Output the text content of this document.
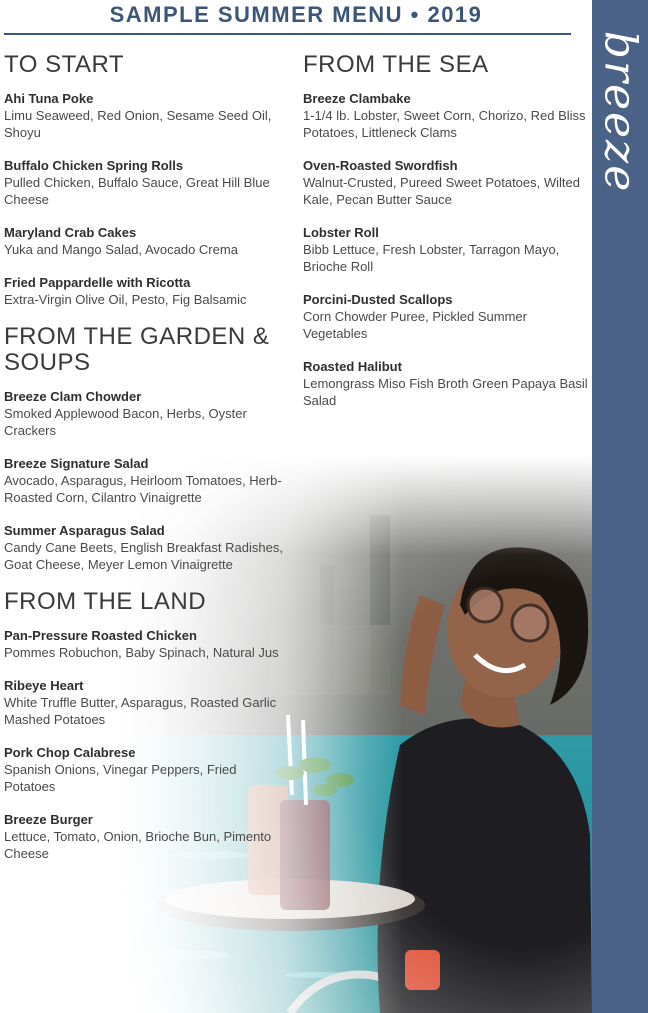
SAMPLE SUMMER MENU • 2019
breeze
TO START
Ahi Tuna Poke
Limu Seaweed, Red Onion, Sesame Seed Oil, Shoyu
Buffalo Chicken Spring Rolls
Pulled Chicken, Buffalo Sauce, Great Hill Blue Cheese
Maryland Crab Cakes
Yuka and Mango Salad, Avocado Crema
Fried Pappardelle with Ricotta
Extra-Virgin Olive Oil, Pesto, Fig Balsamic
FROM THE GARDEN & SOUPS
Breeze Clam Chowder
Smoked Applewood Bacon, Herbs, Oyster Crackers
Breeze Signature Salad
Avocado, Asparagus, Heirloom Tomatoes, Herb-Roasted Corn, Cilantro Vinaigrette
Summer Asparagus Salad
Candy Cane Beets, English Breakfast Radishes, Goat Cheese, Meyer Lemon Vinaigrette
FROM THE LAND
Pan-Pressure Roasted Chicken
Pommes Robuchon, Baby Spinach, Natural Jus
Ribeye Heart
White Truffle Butter, Asparagus, Roasted Garlic Mashed Potatoes
Pork Chop Calabrese
Spanish Onions, Vinegar Peppers, Fried Potatoes
Breeze Burger
Lettuce, Tomato, Onion, Brioche Bun, Pimento Cheese
FROM THE SEA
Breeze Clambake
1-1/4 lb. Lobster, Sweet Corn, Chorizo, Red Bliss Potatoes, Littleneck Clams
Oven-Roasted Swordfish
Walnut-Crusted, Pureed Sweet Potatoes, Wilted Kale, Pecan Butter Sauce
Lobster Roll
Bibb Lettuce, Fresh Lobster, Tarragon Mayo, Brioche Roll
Porcini-Dusted Scallops
Corn Chowder Puree, Pickled Summer Vegetables
Roasted Halibut
Lemongrass Miso Fish Broth Green Papaya Basil Salad
